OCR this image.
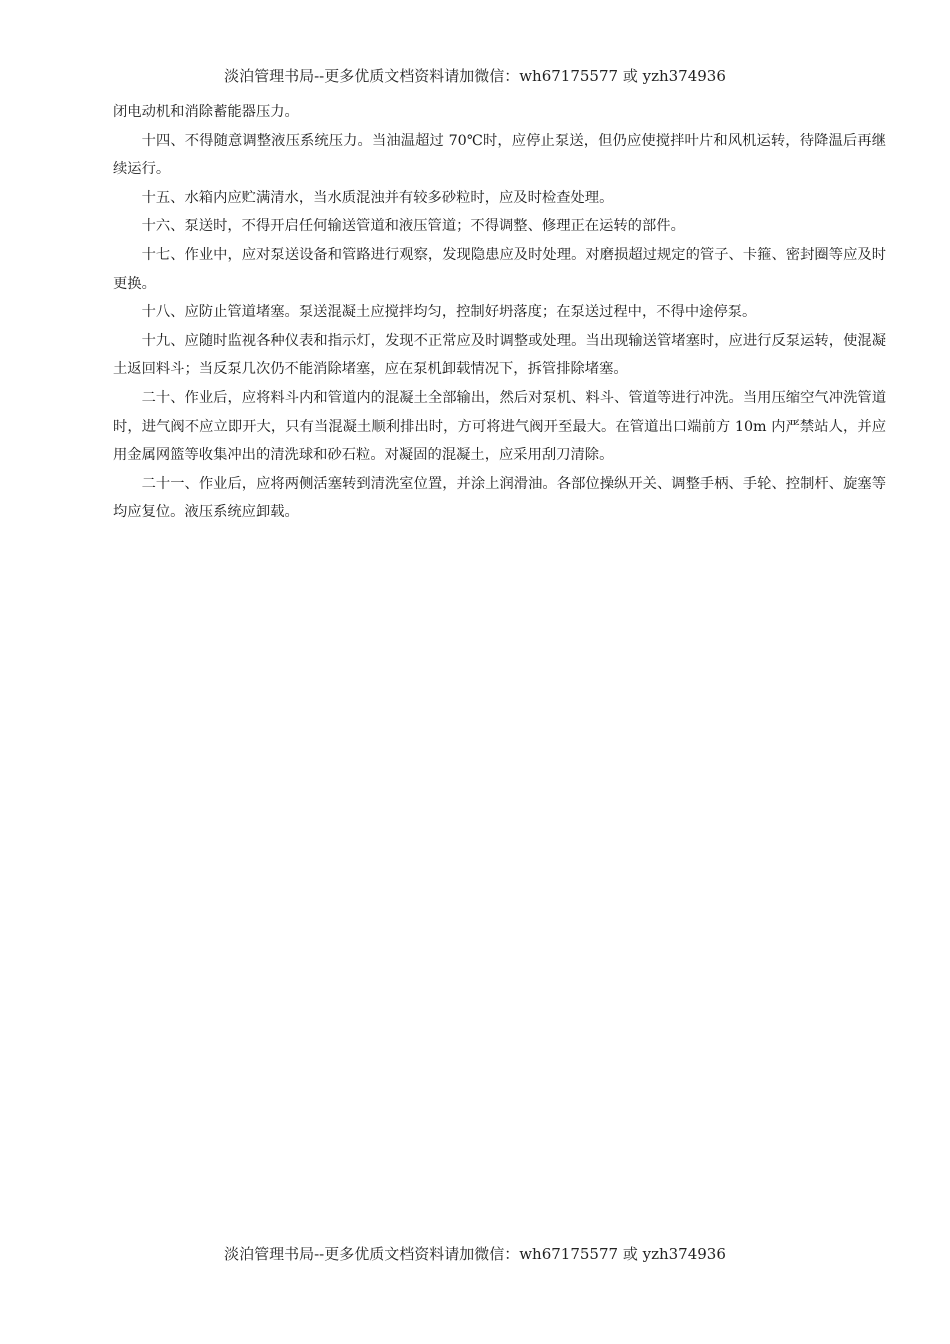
淡泊管理书局--更多优质文档资料请加微信：wh67175577 或 yzh374936

闭电动机和消除蓄能器压力。

十四、不得随意调整液压系统压力。当油温超过 70℃时，应停止泵送，但仍应使搅拌叶片和风机运转，待降温后再继续运行。

十五、水箱内应贮满清水，当水质混浊并有较多砂粒时，应及时检查处理。

十六、泵送时，不得开启任何输送管道和液压管道；不得调整、修理正在运转的部件。

十七、作业中，应对泵送设备和管路进行观察，发现隐患应及时处理。对磨损超过规定的管子、卡箍、密封圈等应及时更换。

十八、应防止管道堵塞。泵送混凝土应搅拌均匀，控制好坍落度；在泵送过程中，不得中途停泵。

十九、应随时监视各种仪表和指示灯，发现不正常应及时调整或处理。当出现输送管堵塞时，应进行反泵运转，使混凝土返回料斗；当反泵几次仍不能消除堵塞，应在泵机卸载情况下，拆管排除堵塞。

二十、作业后，应将料斗内和管道内的混凝土全部输出，然后对泵机、料斗、管道等进行冲洗。当用压缩空气冲洗管道时，进气阀不应立即开大，只有当混凝土顺利排出时，方可将进气阀开至最大。在管道出口端前方 10m 内严禁站人，并应用金属网篮等收集冲出的清洗球和砂石粒。对凝固的混凝土，应采用刮刀清除。

二十一、作业后，应将两侧活塞转到清洗室位置，并涂上润滑油。各部位操纵开关、调整手柄、手轮、控制杆、旋塞等均应复位。液压系统应卸载。

淡泊管理书局--更多优质文档资料请加微信：wh67175577 或 yzh374936
